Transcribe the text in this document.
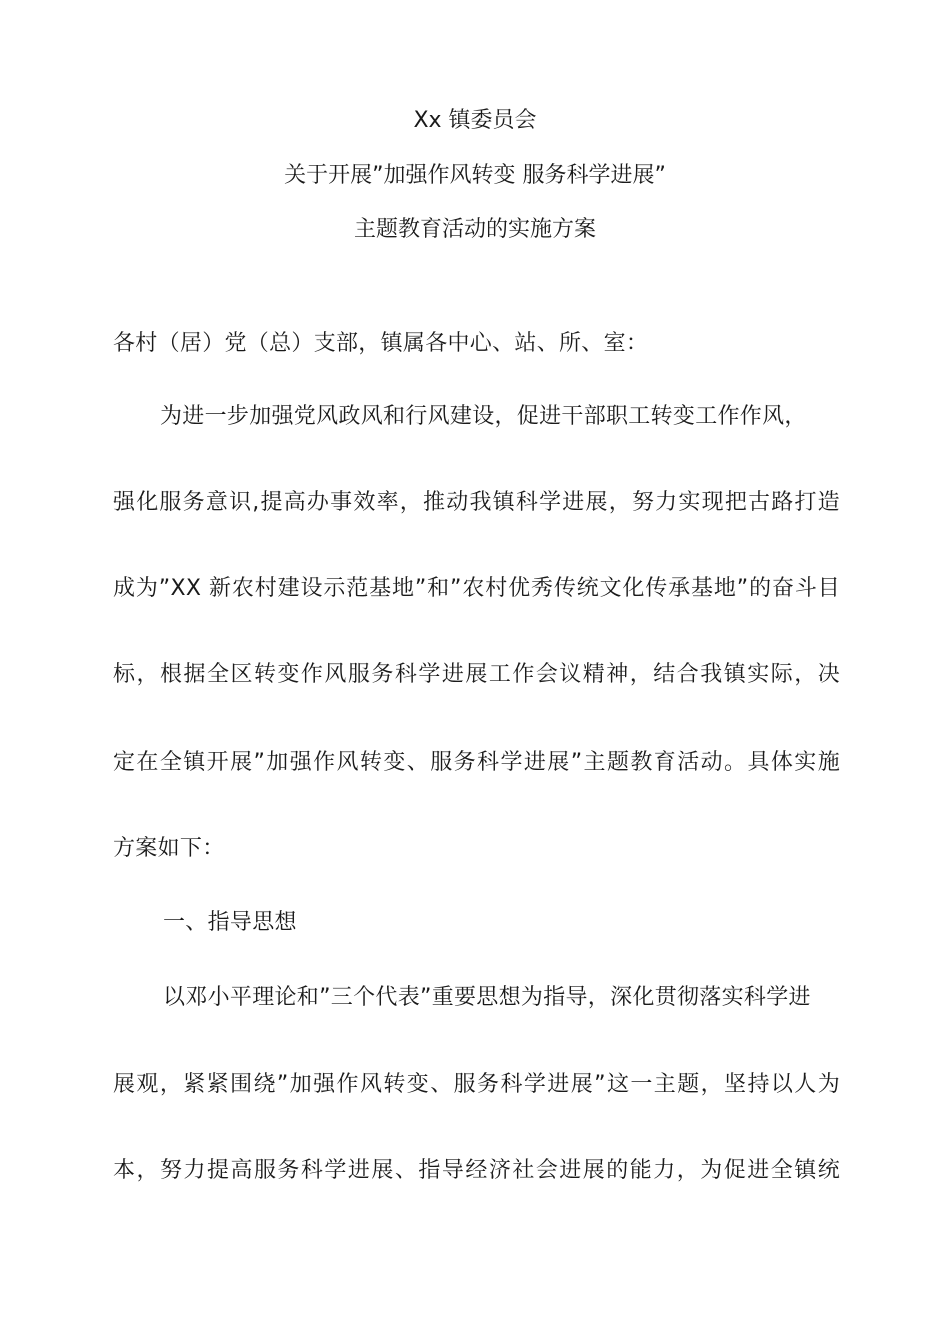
Xx 镇委员会
关于开展”加强作风转变 服务科学进展”
主题教育活动的实施方案
各村（居）党（总）支部，镇属各中心、站、所、室：
为进一步加强党风政风和行风建设，促进干部职工转变工作作风，
强化服务意识,提高办事效率，推动我镇科学进展，努力实现把古路打造
成为”XX 新农村建设示范基地”和”农村优秀传统文化传承基地”的奋斗目
标，根据全区转变作风服务科学进展工作会议精神，结合我镇实际，决
定在全镇开展”加强作风转变、服务科学进展”主题教育活动。具体实施
方案如下：
一、指导思想
以邓小平理论和”三个代表”重要思想为指导，深化贯彻落实科学进
展观，紧紧围绕”加强作风转变、服务科学进展”这一主题，坚持以人为
本，努力提高服务科学进展、指导经济社会进展的能力，为促进全镇统
